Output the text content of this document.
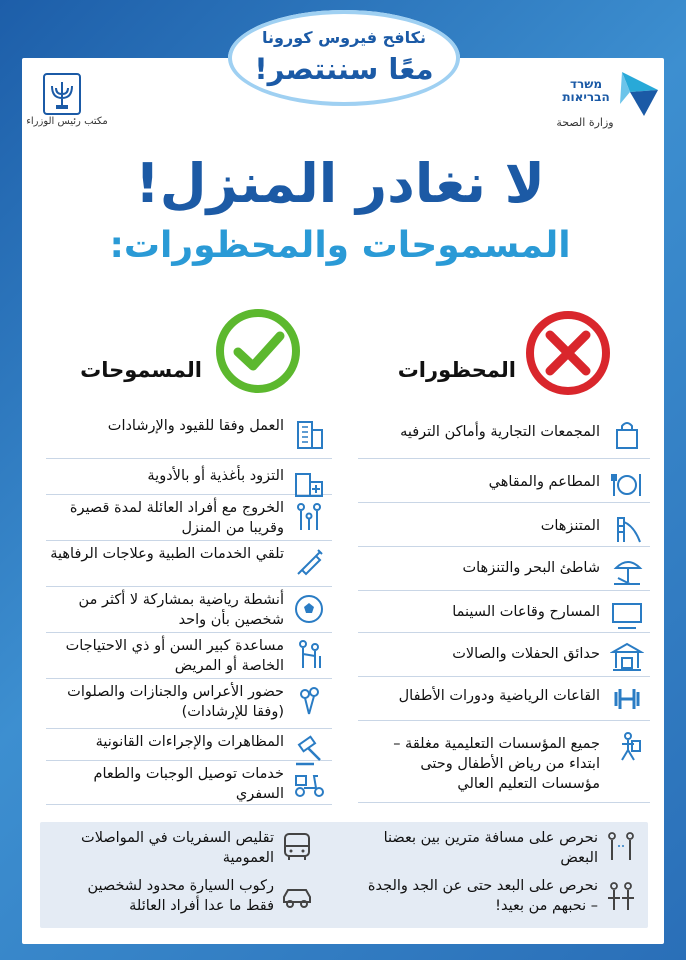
نكافح فيروس كورونا
معًا سننتصر!	משרד הבריאות
وزارة الصحة
مكتب رئيس الوزراء
لا نغادر المنزل!
المسموحات والمحظورات:
المحظورات
المسموحات
المجمعات التجارية وأماكن الترفيه
المطاعم والمقاهي
المتنزهات
شاطئ البحر والتنزهات
المسارح وقاعات السينما
حدائق الحفلات والصالات
القاعات الرياضية ودورات الأطفال
جميع المؤسسات التعليمية مغلقة – ابتداء من رياض الأطفال وحتى مؤسسات التعليم العالي
العمل وفقا للقيود والإرشادات
التزود بأغذية أو بالأدوية
الخروج مع أفراد العائلة لمدة قصيرة وقريبا من المنزل
تلقي الخدمات الطبية وعلاجات الرفاهية
أنشطة رياضية بمشاركة لا أكثر من شخصين بأن واحد
مساعدة كبير السن أو ذي الاحتياجات الخاصة أو المريض
حضور الأعراس والجنازات والصلوات (وفقا للإرشادات)
المظاهرات والإجراءات القانونية
خدمات توصيل الوجبات والطعام السفري
نحرص على مسافة مترين بين بعضنا البعض
نحرص على البعد حتى عن الجد والجدة – نحبهم من بعيد!
تقليص السفريات في المواصلات العمومية
ركوب السيارة محدود لشخصين فقط ما عدا أفراد العائلة
